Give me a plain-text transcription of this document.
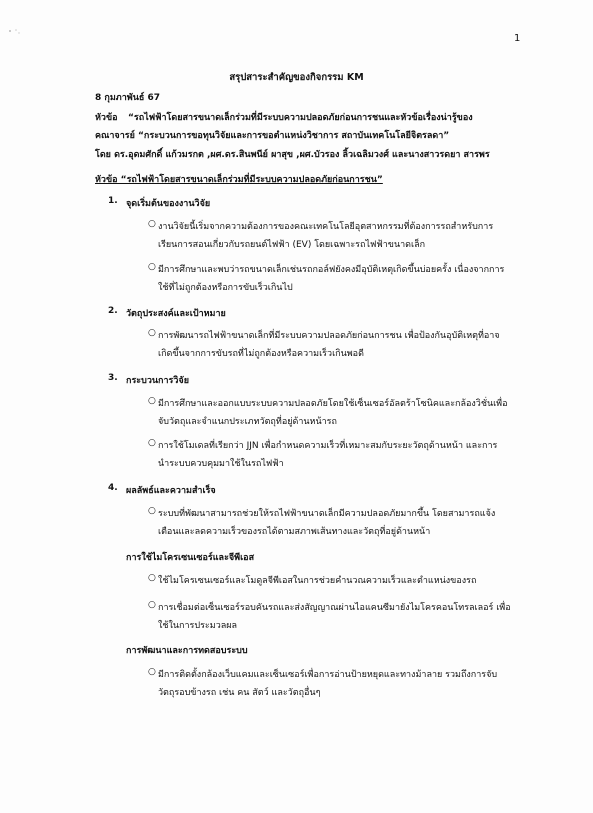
1
สรุปสาระสำคัญของกิจกรรม KM
8 กุมภาพันธ์ 67
หัวข้อ “รถไฟฟ้าโดยสารขนาดเล็กร่วมที่มีระบบความปลอดภัยก่อนการชนและหัวข้อเรื่องน่ารู้ของ
คณาจารย์ “กระบวนการขอทุนวิจัยและการขอตำแหน่งวิชาการ สถาบันเทคโนโลยีจิตรลดา”
โดย ดร.อุดมศักดิ์ แก้วมรกต ,ผศ.ดร.สินพนีย์ ผาสุข ,ผศ.บัวรอง ลิ้วเฉลิมวงศ์ และนางสาวรดยา สารพร
หัวข้อ “รถไฟฟ้าโดยสารขนาดเล็กร่วมที่มีระบบความปลอดภัยก่อนการชน”
1. จุดเริ่มต้นของงานวิจัย
○ งานวิจัยนี้เริ่มจากความต้องการของคณะเทคโนโลยีอุตสาหกรรมที่ต้องการรถสำหรับการ
เรียนการสอนเกี่ยวกับรถยนต์ไฟฟ้า (EV) โดยเฉพาะรถไฟฟ้าขนาดเล็ก
○ มีการศึกษาและพบว่ารถขนาดเล็กเช่นรถกอล์ฟยังคงมีอุบัติเหตุเกิดขึ้นบ่อยครั้ง เนื่องจากการ
ใช้ที่ไม่ถูกต้องหรือการขับเร็วเกินไป
2. วัตถุประสงค์และเป้าหมาย
○ การพัฒนารถไฟฟ้าขนาดเล็กที่มีระบบความปลอดภัยก่อนการชน เพื่อป้องกันอุบัติเหตุที่อาจ
เกิดขึ้นจากการขับรถที่ไม่ถูกต้องหรือความเร็วเกินพอดี
3. กระบวนการวิจัย
○ มีการศึกษาและออกแบบระบบความปลอดภัยโดยใช้เซ็นเซอร์อัลตร้าโซนิคและกล้องวิชั่นเพื่อ
จับวัตถุและจำแนกประเภทวัตถุที่อยู่ด้านหน้ารถ
○ การใช้โมเดลที่เรียกว่า JJN เพื่อกำหนดความเร็วที่เหมาะสมกับระยะวัตถุด้านหน้า และการ
นำระบบควบคุมมาใช้ในรถไฟฟ้า
4. ผลลัพธ์และความสำเร็จ
○ ระบบที่พัฒนาสามารถช่วยให้รถไฟฟ้าขนาดเล็กมีความปลอดภัยมากขึ้น โดยสามารถแจ้ง
เตือนและลดความเร็วของรถได้ตามสภาพเส้นทางและวัตถุที่อยู่ด้านหน้า
การใช้ไมโครเซนเซอร์และจีพีเอส
○ ใช้ไมโครเซนเซอร์และโมดูลจีพีเอสในการช่วยคำนวณความเร็วและตำแหน่งของรถ
○ การเชื่อมต่อเซ็นเซอร์รอบคันรถและส่งสัญญาณผ่านไอแคนซีมายังไมโครคอนโทรลเลอร์ เพื่อ
ใช้ในการประมวลผล
การพัฒนาและการทดสอบระบบ
○ มีการติดตั้งกล้องเว็บแคมและเซ็นเซอร์เพื่อการอ่านป้ายหยุดและทางม้าลาย รวมถึงการจับ
วัตถุรอบข้างรถ เช่น คน สัตว์ และวัตถุอื่นๆ
